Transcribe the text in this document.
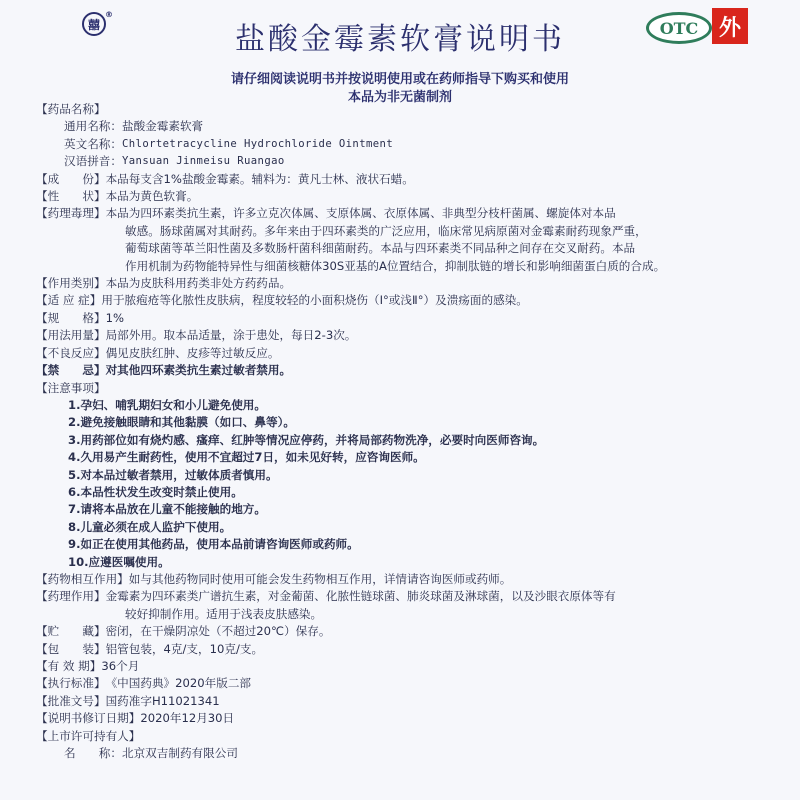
囍
®
盐酸金霉素软膏说明书	OTC 外
请仔细阅读说明书并按说明使用或在药师指导下购买和使用
本品为非无菌制剂
【药品名称】
通用名称： 盐酸金霉素软膏
英文名称： Chlortetracycline Hydrochloride Ointment
汉语拼音： Yansuan Jinmeisu Ruangao
【成　　份】 本品每支含1%盐酸金霉素。辅料为：黄凡士林、液状石蜡。
【性　　状】 本品为黄色软膏。
【药理毒理】 本品为四环素类抗生素，许多立克次体属、支原体属、衣原体属、非典型分枝杆菌属、螺旋体对本品
敏感。肠球菌属对其耐药。多年来由于四环素类的广泛应用，临床常见病原菌对金霉素耐药现象严重，
葡萄球菌等革兰阳性菌及多数肠杆菌科细菌耐药。本品与四环素类不同品种之间存在交叉耐药。本品
作用机制为药物能特异性与细菌核糖体30S亚基的A位置结合，抑制肽链的增长和影响细菌蛋白质的合成。
【作用类别】 本品为皮肤科用药类非处方药药品。
【适 应 症】 用于脓疱疮等化脓性皮肤病，程度较轻的小面积烧伤（Ⅰ°或浅Ⅱ°）及溃疡面的感染。
【规　　格】 1%
【用法用量】 局部外用。取本品适量，涂于患处，每日2-3次。
【不良反应】 偶见皮肤红肿、皮疹等过敏反应。
【禁　　忌】 对其他四环素类抗生素过敏者禁用。
【注意事项】
1.孕妇、哺乳期妇女和小儿避免使用。
2.避免接触眼睛和其他黏膜（如口、鼻等）。
3.用药部位如有烧灼感、瘙痒、红肿等情况应停药，并将局部药物洗净，必要时向医师咨询。
4.久用易产生耐药性，使用不宜超过7日，如未见好转，应咨询医师。
5.对本品过敏者禁用，过敏体质者慎用。
6.本品性状发生改变时禁止使用。
7.请将本品放在儿童不能接触的地方。
8.儿童必须在成人监护下使用。
9.如正在使用其他药品，使用本品前请咨询医师或药师。
10.应遵医嘱使用。
【药物相互作用】 如与其他药物同时使用可能会发生药物相互作用，详情请咨询医师或药师。
【药理作用】 金霉素为四环素类广谱抗生素，对金葡菌、化脓性链球菌、肺炎球菌及淋球菌，以及沙眼衣原体等有
较好抑制作用。适用于浅表皮肤感染。
【贮　　藏】 密闭，在干燥阴凉处（不超过20℃）保存。
【包　　装】 铝管包装，4克/支，10克/支。
【有 效 期】 36个月
【执行标准】 《中国药典》2020年版二部
【批准文号】 国药准字H11021341
【说明书修订日期】 2020年12月30日
【上市许可持有人】
名　　称： 北京双吉制药有限公司
